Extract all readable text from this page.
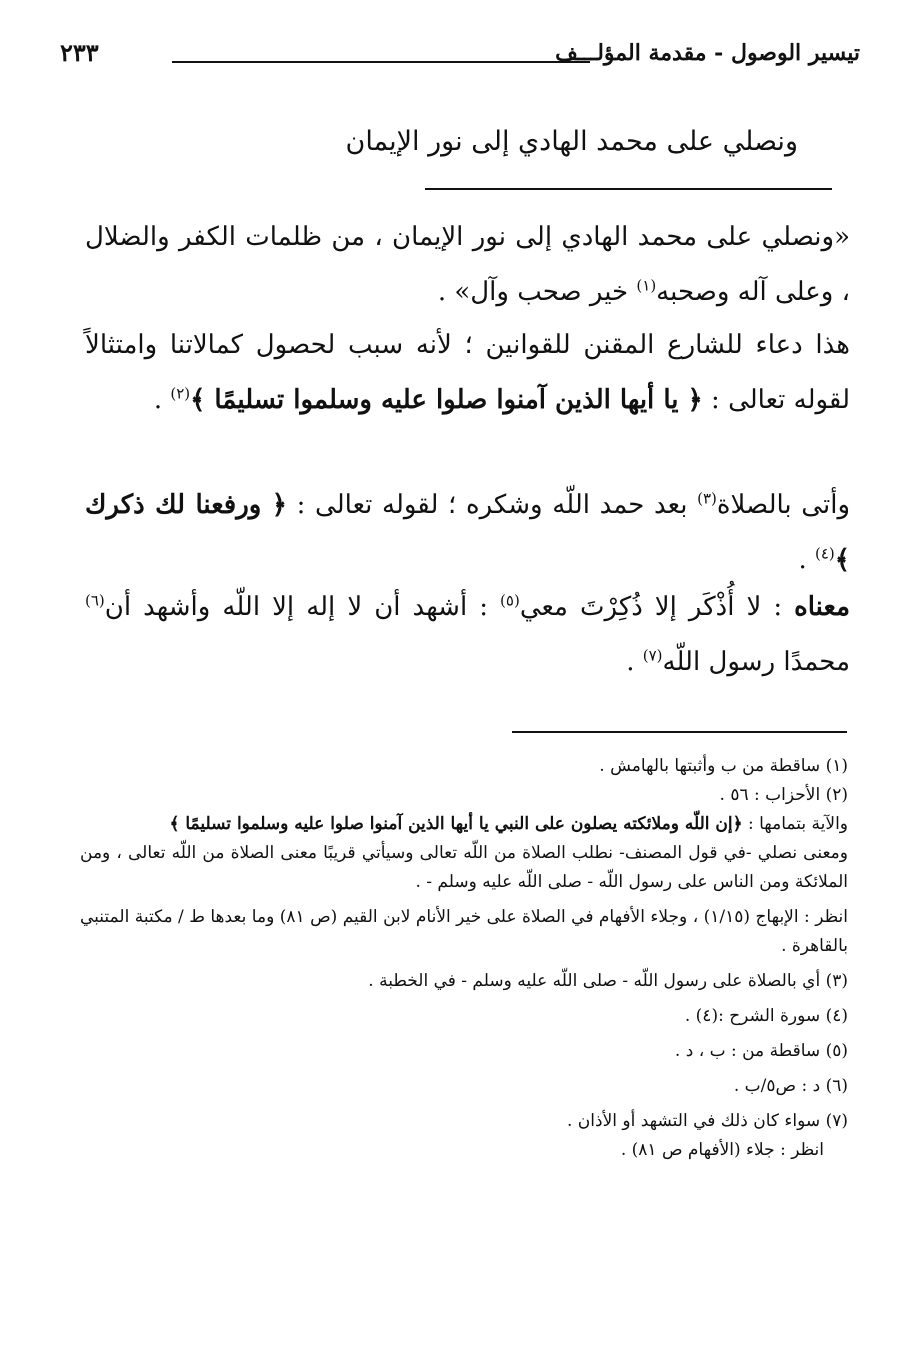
تيسير الوصول - مقدمة المؤلـــف
٢٣٣
ونصلي على محمد الهادي إلى نور الإيمان

«ونصلي على محمد الهادي إلى نور الإيمان ، من ظلمات الكفر والضلال ، وعلى آله وصحبه$^{(١)}$ خير صحب وآل» .

هذا دعاء للشارع المقنن للقوانين ؛ لأنه سبب لحصول كمالاتنا وامتثالاً لقوله تعالى : ﴿ يا أيها الذين آمنوا صلوا عليه وسلموا تسليمًا ﴾$^{(٢)}$ .

وأتى بالصلاة$^{(٣)}$ بعد حمد اللّه وشكره ؛ لقوله تعالى : ﴿ ورفعنا لك ذكرك ﴾$^{(٤)}$ .

معناه : لا أُذْكَر إلا ذُكِرْتَ معي$^{(٥)}$ : أشهد أن لا إله إلا اللّه وأشهد أن$^{(٦)}$ محمدًا رسول اللّه$^{(٧)}$ .

(١) ساقطة من ب وأثبتها بالهامش .
(٢) الأحزاب : ٥٦ .
والآية بتمامها : ﴿إن اللّه وملائكته يصلون على النبي يا أيها الذين آمنوا صلوا عليه وسلموا تسليمًا ﴾
ومعنى نصلي -في قول المصنف- نطلب الصلاة من اللّه تعالى وسيأتي قريبًا معنى الصلاة من اللّه تعالى ، ومن الملائكة ومن الناس على رسول اللّه - صلى اللّه عليه وسلم - .
انظر : الإبهاج (١/١٥) ، وجلاء الأفهام في الصلاة على خير الأنام لابن القيم (ص ٨١) وما بعدها ط / مكتبة المتنبي بالقاهرة .
(٣) أي بالصلاة على رسول اللّه - صلى اللّه عليه وسلم - في الخطبة .
(٤) سورة الشرح :(٤) .
(٥) ساقطة من : ب ، د .
(٦) د : ص٥/ب .
(٧) سواء كان ذلك في التشهد أو الأذان .
انظر : جلاء (الأفهام ص ٨١) .
